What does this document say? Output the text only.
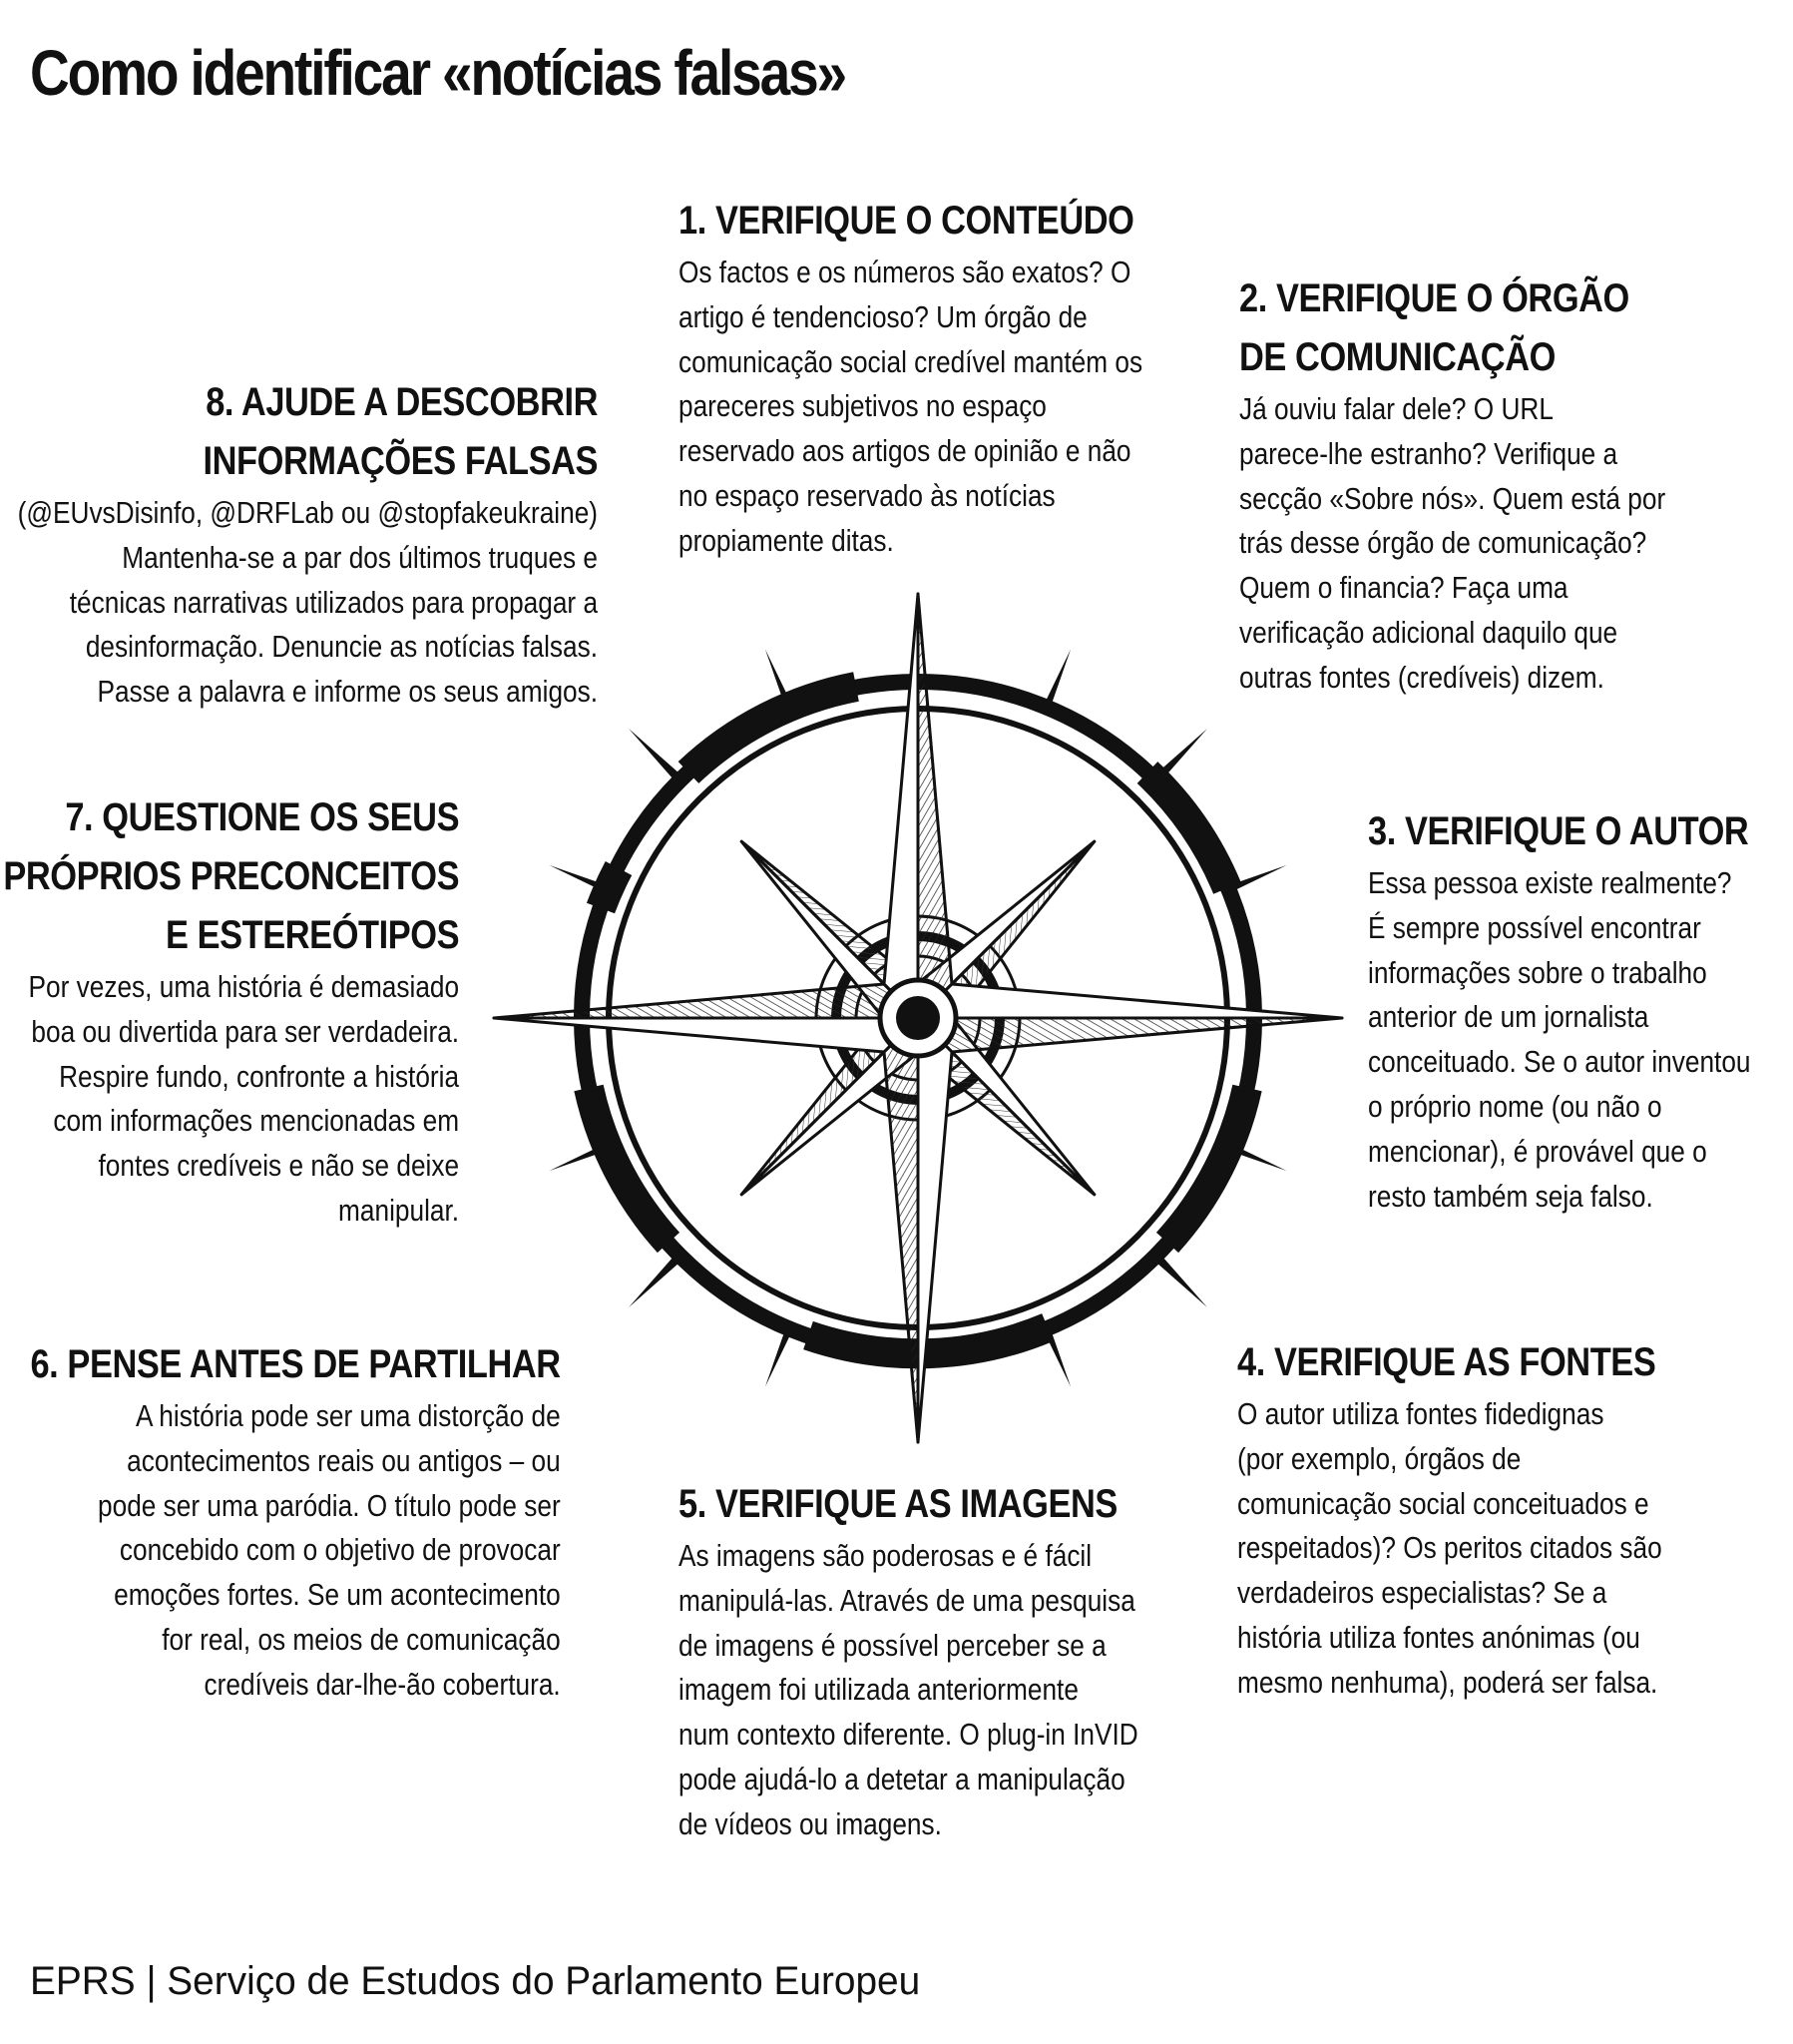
Como identificar «notícias falsas»
1. VERIFIQUE O CONTEÚDO
Os factos e os números são exatos? O
artigo é tendencioso? Um órgão de
comunicação social credível mantém os
pareceres subjetivos no espaço
reservado aos artigos de opinião e não
no espaço reservado às notícias
propiamente ditas.
2. VERIFIQUE O ÓRGÃO
DE COMUNICAÇÃO
Já ouviu falar dele? O URL
parece-lhe estranho? Verifique a
secção «Sobre nós». Quem está por
trás desse órgão de comunicação?
Quem o financia? Faça uma
verificação adicional daquilo que
outras fontes (credíveis) dizem.
3. VERIFIQUE O AUTOR
Essa pessoa existe realmente?
É sempre possível encontrar
informações sobre o trabalho
anterior de um jornalista
conceituado. Se o autor inventou
o próprio nome (ou não o
mencionar), é provável que o
resto também seja falso.
4. VERIFIQUE AS FONTES
O autor utiliza fontes fidedignas
(por exemplo, órgãos de
comunicação social conceituados e
respeitados)? Os peritos citados são
verdadeiros especialistas? Se a
história utiliza fontes anónimas (ou
mesmo nenhuma), poderá ser falsa.
5. VERIFIQUE AS IMAGENS
As imagens são poderosas e é fácil
manipulá-las. Através de uma pesquisa
de imagens é possível perceber se a
imagem foi utilizada anteriormente
num contexto diferente. O plug-in InVID
pode ajudá-lo a detetar a manipulação
de vídeos ou imagens.
6. PENSE ANTES DE PARTILHAR
A história pode ser uma distorção de
acontecimentos reais ou antigos – ou
pode ser uma paródia. O título pode ser
concebido com o objetivo de provocar
emoções fortes. Se um acontecimento
for real, os meios de comunicação
credíveis dar-lhe-ão cobertura.
7. QUESTIONE OS SEUS
PRÓPRIOS PRECONCEITOS
E ESTEREÓTIPOS
Por vezes, uma história é demasiado
boa ou divertida para ser verdadeira.
Respire fundo, confronte a história
com informações mencionadas em
fontes credíveis e não se deixe
manipular.
8. AJUDE A DESCOBRIR
INFORMAÇÕES FALSAS
(@EUvsDisinfo, @DRFLab ou @stopfakeukraine)
Mantenha-se a par dos últimos truques e
técnicas narrativas utilizados para propagar a
desinformação. Denuncie as notícias falsas.
Passe a palavra e informe os seus amigos.
EPRS | Serviço de Estudos do Parlamento Europeu
